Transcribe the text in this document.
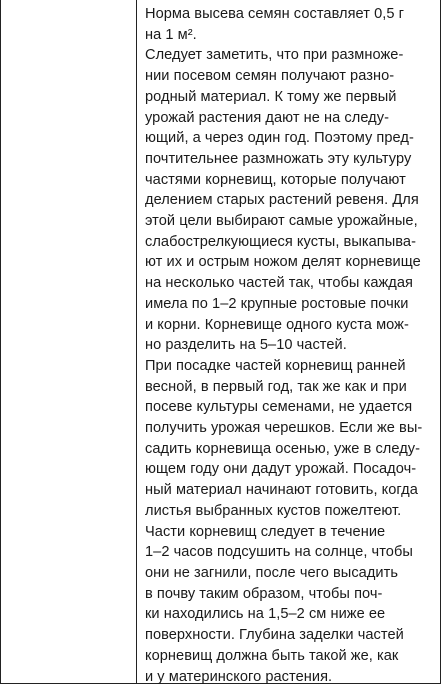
Норма высева семян составляет 0,5 г
на 1 м².
Следует заметить, что при размноже-
нии посевом семян получают разно-
родный материал. К тому же первый
урожай растения дают не на следу-
ющий, а через один год. Поэтому пред-
почтительнее размножать эту культуру
частями корневищ, которые получают
делением старых растений ревеня. Для
этой цели выбирают самые урожайные,
слабострелкующиеся кусты, выкапыва-
ют их и острым ножом делят корневище
на несколько частей так, чтобы каждая
имела по 1–2 крупные ростовые почки
и корни. Корневище одного куста мож-
но разделить на 5–10 частей.
При посадке частей корневищ ранней
весной, в первый год, так же как и при
посеве культуры семенами, не удается
получить урожая черешков. Если же вы-
садить корневища осенью, уже в следу-
ющем году они дадут урожай. Посадоч-
ный материал начинают готовить, когда
листья выбранных кустов пожелтеют.
Части корневищ следует в течение
1–2 часов подсушить на солнце, чтобы
они не загнили, после чего высадить
в почву таким образом, чтобы поч-
ки находились на 1,5–2 см ниже ее
поверхности. Глубина заделки частей
корневищ должна быть такой же, как
и у материнского растения.
